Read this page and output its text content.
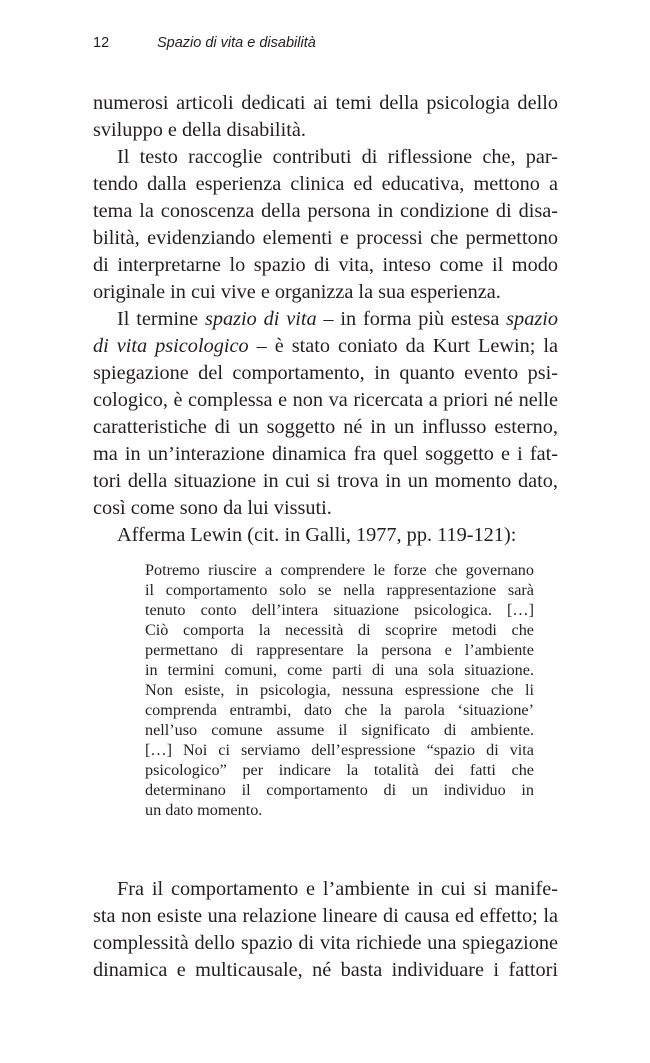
12	Spazio di vita e disabilità
numerosi articoli dedicati ai temi della psicologia dello
sviluppo e della disabilità.
Il testo raccoglie contributi di riflessione che, par-
tendo dalla esperienza clinica ed educativa, mettono a
tema la conoscenza della persona in condizione di disa-
bilità, evidenziando elementi e processi che permettono
di interpretarne lo spazio di vita, inteso come il modo
originale in cui vive e organizza la sua esperienza.
Il termine spazio di vita – in forma più estesa spazio
di vita psicologico – è stato coniato da Kurt Lewin; la
spiegazione del comportamento, in quanto evento psi-
cologico, è complessa e non va ricercata a priori né nelle
caratteristiche di un soggetto né in un influsso esterno,
ma in un’interazione dinamica fra quel soggetto e i fat-
tori della situazione in cui si trova in un momento dato,
così come sono da lui vissuti.
Afferma Lewin (cit. in Galli, 1977, pp. 119-121):
Potremo riuscire a comprendere le forze che governano
il comportamento solo se nella rappresentazione sarà
tenuto conto dell’intera situazione psicologica. […]
Ciò comporta la necessità di scoprire metodi che
permettano di rappresentare la persona e l’ambiente
in termini comuni, come parti di una sola situazione.
Non esiste, in psicologia, nessuna espressione che li
comprenda entrambi, dato che la parola ‘situazione’
nell’uso comune assume il significato di ambiente.
[…] Noi ci serviamo dell’espressione “spazio di vita
psicologico” per indicare la totalità dei fatti che
determinano il comportamento di un individuo in
un dato momento.
Fra il comportamento e l’ambiente in cui si manife-
sta non esiste una relazione lineare di causa ed effetto; la
complessità dello spazio di vita richiede una spiegazione
dinamica e multicausale, né basta individuare i fattori
